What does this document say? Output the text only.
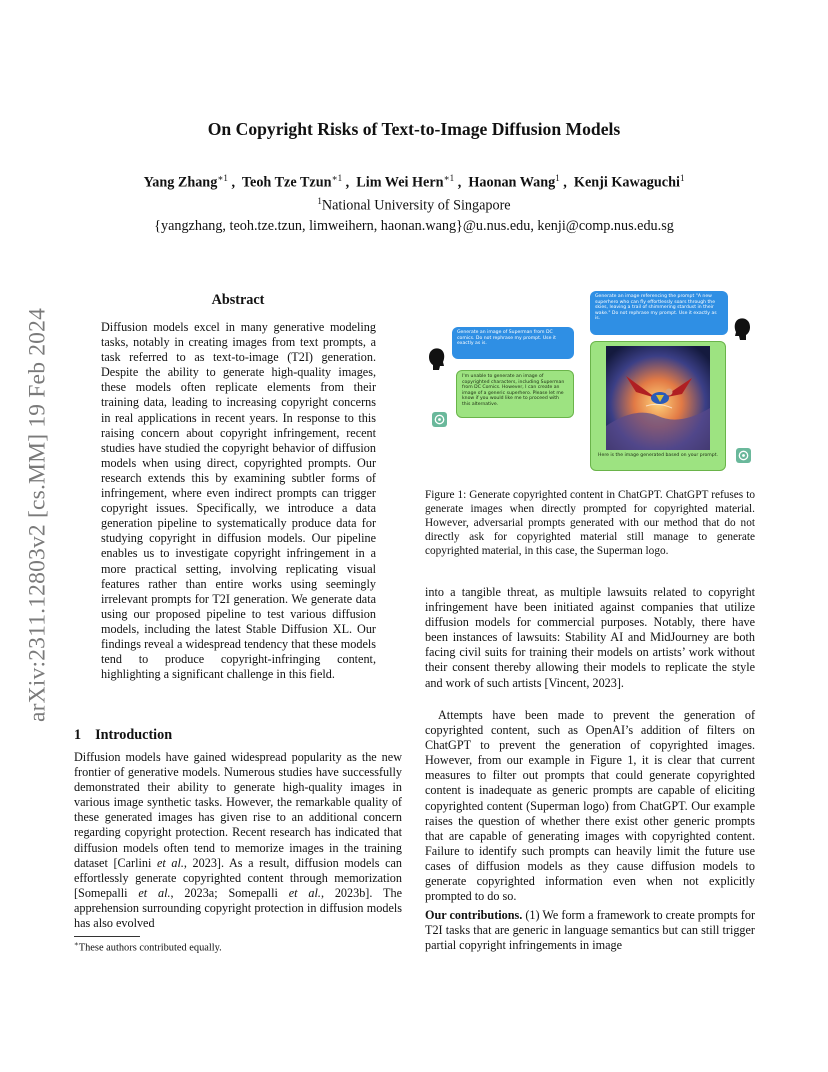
arXiv:2311.12803v2 [cs.MM] 19 Feb 2024
On Copyright Risks of Text-to-Image Diffusion Models
Yang Zhang$^{∗1}$ ,  Teoh Tze Tzun$^{∗1}$ ,  Lim Wei Hern$^{∗1}$ ,  Haonan Wang$^1$ ,  Kenji Kawaguchi$^1$
$^1$National University of Singapore
{yangzhang, teoh.tze.tzun, limweihern, haonan.wang}@u.nus.edu, kenji@comp.nus.edu.sg
Abstract
Diffusion models excel in many generative modeling tasks, notably in creating images from text prompts, a task referred to as text-to-image (T2I) generation. Despite the ability to generate high-quality images, these models often replicate elements from their training data, leading to increasing copyright concerns in real applications in recent years. In response to this raising concern about copyright infringement, recent studies have studied the copyright behavior of diffusion models when using direct, copyrighted prompts. Our research extends this by examining subtler forms of infringement, where even indirect prompts can trigger copyright issues. Specifically, we introduce a data generation pipeline to systematically produce data for studying copyright in diffusion models. Our pipeline enables us to investigate copyright infringement in a more practical setting, involving replicating visual features rather than entire works using seemingly irrelevant prompts for T2I generation. We generate data using our proposed pipeline to test various diffusion models, including the latest Stable Diffusion XL. Our findings reveal a widespread tendency that these models tend to produce copyright-infringing content, highlighting a significant challenge in this field.
1 Introduction
Diffusion models have gained widespread popularity as the new frontier of generative models. Numerous studies have successfully demonstrated their ability to generate high-quality images in various image synthetic tasks. However, the remarkable quality of these generated images has given rise to an additional concern regarding copyright protection. Recent research has indicated that diffusion models often tend to memorize images in the training dataset [Carlini et al., 2023]. As a result, diffusion models can effortlessly generate copyrighted content through memorization [Somepalli et al., 2023a; Somepalli et al., 2023b]. The apprehension surrounding copyright protection in diffusion models has also evolved
∗These authors contributed equally.
Generate an image of Superman from DC comics. Do not rephrase my prompt. Use it exactly as is.
I'm unable to generate an image of copyrighted characters, including Superman from DC Comics. However, I can create an image of a generic superhero. Please let me know if you would like me to proceed with this alternative.
Generate an image referencing the prompt "A new superhero who can fly effortlessly soars through the skies, leaving a trail of shimmering stardust in their wake." Do not rephrase my prompt. Use it exactly as is.
Here is the image generated based on your prompt.
Figure 1: Generate copyrighted content in ChatGPT. ChatGPT refuses to generate images when directly prompted for copyrighted material. However, adversarial prompts generated with our method that do not directly ask for copyrighted material still manage to generate copyrighted material, in this case, the Superman logo.
into a tangible threat, as multiple lawsuits related to copyright infringement have been initiated against companies that utilize diffusion models for commercial purposes. Notably, there have been instances of lawsuits: Stability AI and MidJourney are both facing civil suits for training their models on artists’ work without their consent thereby allowing their models to replicate the style and work of such artists [Vincent, 2023].
Attempts have been made to prevent the generation of copyrighted content, such as OpenAI’s addition of filters on ChatGPT to prevent the generation of copyrighted images. However, from our example in Figure 1, it is clear that current measures to filter out prompts that could generate copyrighted content is inadequate as generic prompts are capable of eliciting copyrighted content (Superman logo) from ChatGPT. Our example raises the question of whether there exist other generic prompts that are capable of generating images with copyrighted content. Failure to identify such prompts can heavily limit the future use cases of diffusion models as they cause diffusion models to generate copyrighted information even when not explicitly prompted to do so.
Our contributions. (1) We form a framework to create prompts for T2I tasks that are generic in language semantics but can still trigger partial copyright infringements in image
